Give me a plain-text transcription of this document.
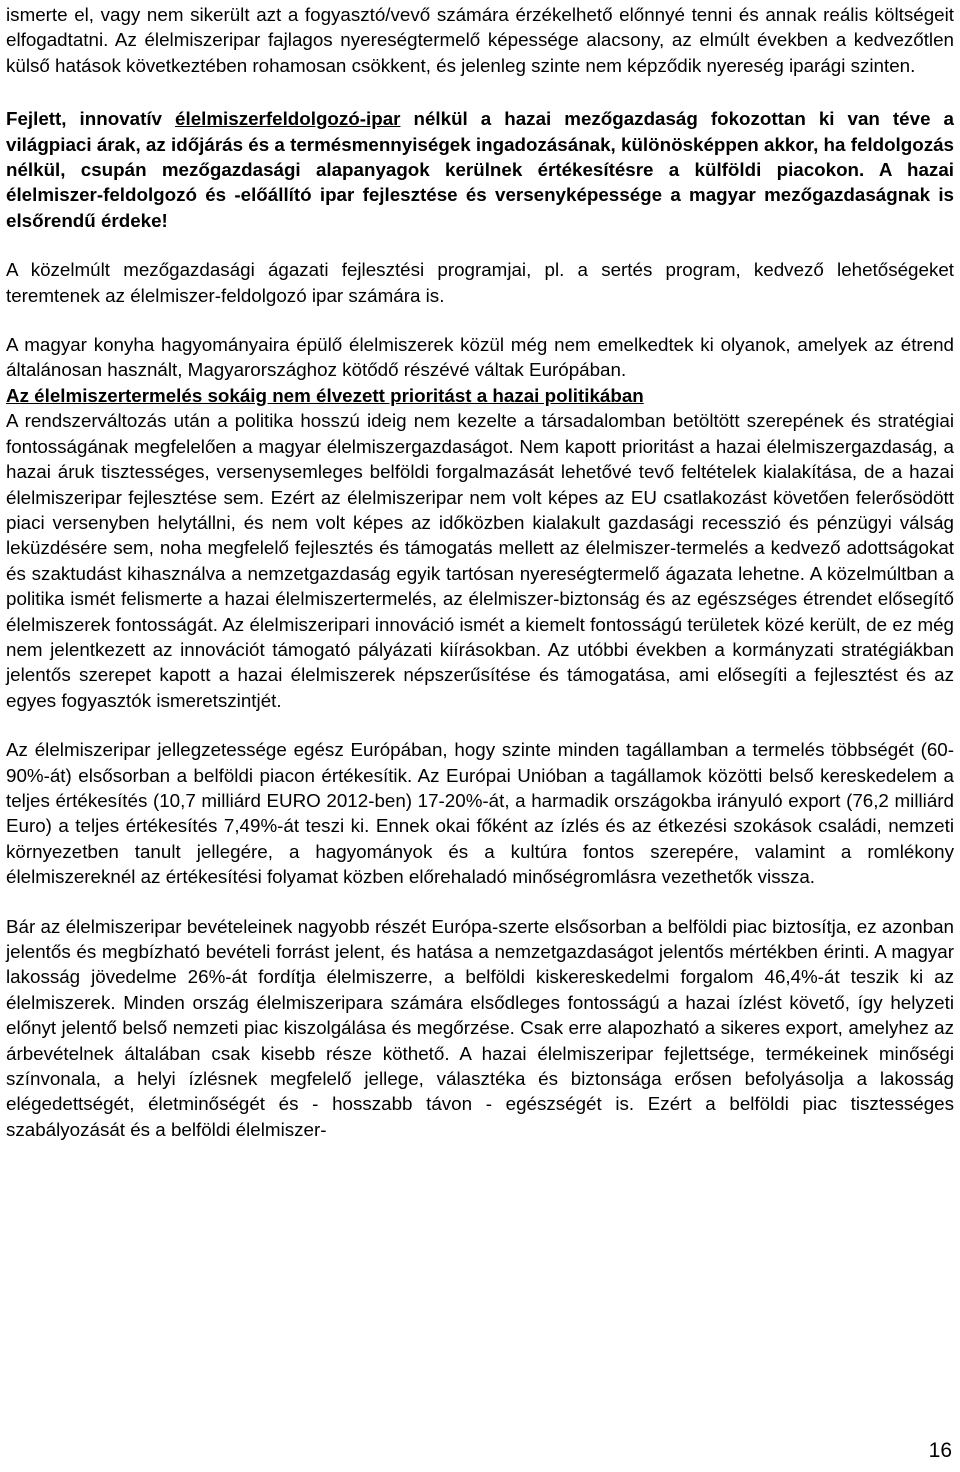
ismerte el, vagy nem sikerült azt a fogyasztó/vevő számára érzékelhető előnnyé tenni és annak reális költségeit elfogadtatni. Az élelmiszeripar fajlagos nyereségtermelő képessége alacsony, az elmúlt években a kedvezőtlen külső hatások következtében rohamosan csökkent, és jelenleg szinte nem képződik nyereség iparági szinten.

Fejlett, innovatív élelmiszerfeldolgozó-ipar nélkül a hazai mezőgazdaság fokozottan ki van téve a világpiaci árak, az időjárás és a termésmennyiségek ingadozásának, különösképpen akkor, ha feldolgozás nélkül, csupán mezőgazdasági alapanyagok kerülnek értékesítésre a külföldi piacokon. A hazai élelmiszer-feldolgozó és -előállító ipar fejlesztése és versenyképessége a magyar mezőgazdaságnak is elsőrendű érdeke!

A közelmúlt mezőgazdasági ágazati fejlesztési programjai, pl. a sertés program, kedvező lehetőségeket teremtenek az élelmiszer-feldolgozó ipar számára is.

A magyar konyha hagyományaira épülő élelmiszerek közül még nem emelkedtek ki olyanok, amelyek az étrend általánosan használt, Magyarországhoz kötődő részévé váltak Európában.

Az élelmiszertermelés sokáig nem élvezett prioritást a hazai politikában

A rendszerváltozás után a politika hosszú ideig nem kezelte a társadalomban betöltött szerepének és stratégiai fontosságának megfelelően a magyar élelmiszergazdaságot. Nem kapott prioritást a hazai élelmiszergazdaság, a hazai áruk tisztességes, versenysemleges belföldi forgalmazását lehetővé tevő feltételek kialakítása, de a hazai élelmiszeripar fejlesztése sem. Ezért az élelmiszeripar nem volt képes az EU csatlakozást követően felerősödött piaci versenyben helytállni, és nem volt képes az időközben kialakult gazdasági recesszió és pénzügyi válság leküzdésére sem, noha megfelelő fejlesztés és támogatás mellett az élelmiszer-termelés a kedvező adottságokat és szaktudást kihasználva a nemzetgazdaság egyik tartósan nyereségtermelő ágazata lehetne. A közelmúltban a politika ismét felismerte a hazai élelmiszertermelés, az élelmiszer-biztonság és az egészséges étrendet elősegítő élelmiszerek fontosságát. Az élelmiszeripari innováció ismét a kiemelt fontosságú területek közé került, de ez még nem jelentkezett az innovációt támogató pályázati kiírásokban. Az utóbbi években a kormányzati stratégiákban jelentős szerepet kapott a hazai élelmiszerek népszerűsítése és támogatása, ami elősegíti a fejlesztést és az egyes fogyasztók ismeretszintjét.

Az élelmiszeripar jellegzetessége egész Európában, hogy szinte minden tagállamban a termelés többségét (60-90%-át) elsősorban a belföldi piacon értékesítik. Az Európai Unióban a tagállamok közötti belső kereskedelem a teljes értékesítés (10,7 milliárd EURO 2012-ben) 17-20%-át, a harmadik országokba irányuló export (76,2 milliárd Euro) a teljes értékesítés 7,49%-át teszi ki. Ennek okai főként az ízlés és az étkezési szokások családi, nemzeti környezetben tanult jellegére, a hagyományok és a kultúra fontos szerepére, valamint a romlékony élelmiszereknél az értékesítési folyamat közben előrehaladó minőségromlásra vezethetők vissza.

Bár az élelmiszeripar bevételeinek nagyobb részét Európa-szerte elsősorban a belföldi piac biztosítja, ez azonban jelentős és megbízható bevételi forrást jelent, és hatása a nemzetgazdaságot jelentős mértékben érinti. A magyar lakosság jövedelme 26%-át fordítja élelmiszerre, a belföldi kiskereskedelmi forgalom 46,4%-át teszik ki az élelmiszerek. Minden ország élelmiszeripara számára elsődleges fontosságú a hazai ízlést követő, így helyzeti előnyt jelentő belső nemzeti piac kiszolgálása és megőrzése. Csak erre alapozható a sikeres export, amelyhez az árbevételnek általában csak kisebb része köthető. A hazai élelmiszeripar fejlettsége, termékeinek minőségi színvonala, a helyi ízlésnek megfelelő jellege, választéka és biztonsága erősen befolyásolja a lakosság elégedettségét, életminőségét és - hosszabb távon - egészségét is. Ezért a belföldi piac tisztességes szabályozását és a belföldi élelmiszer-

16
